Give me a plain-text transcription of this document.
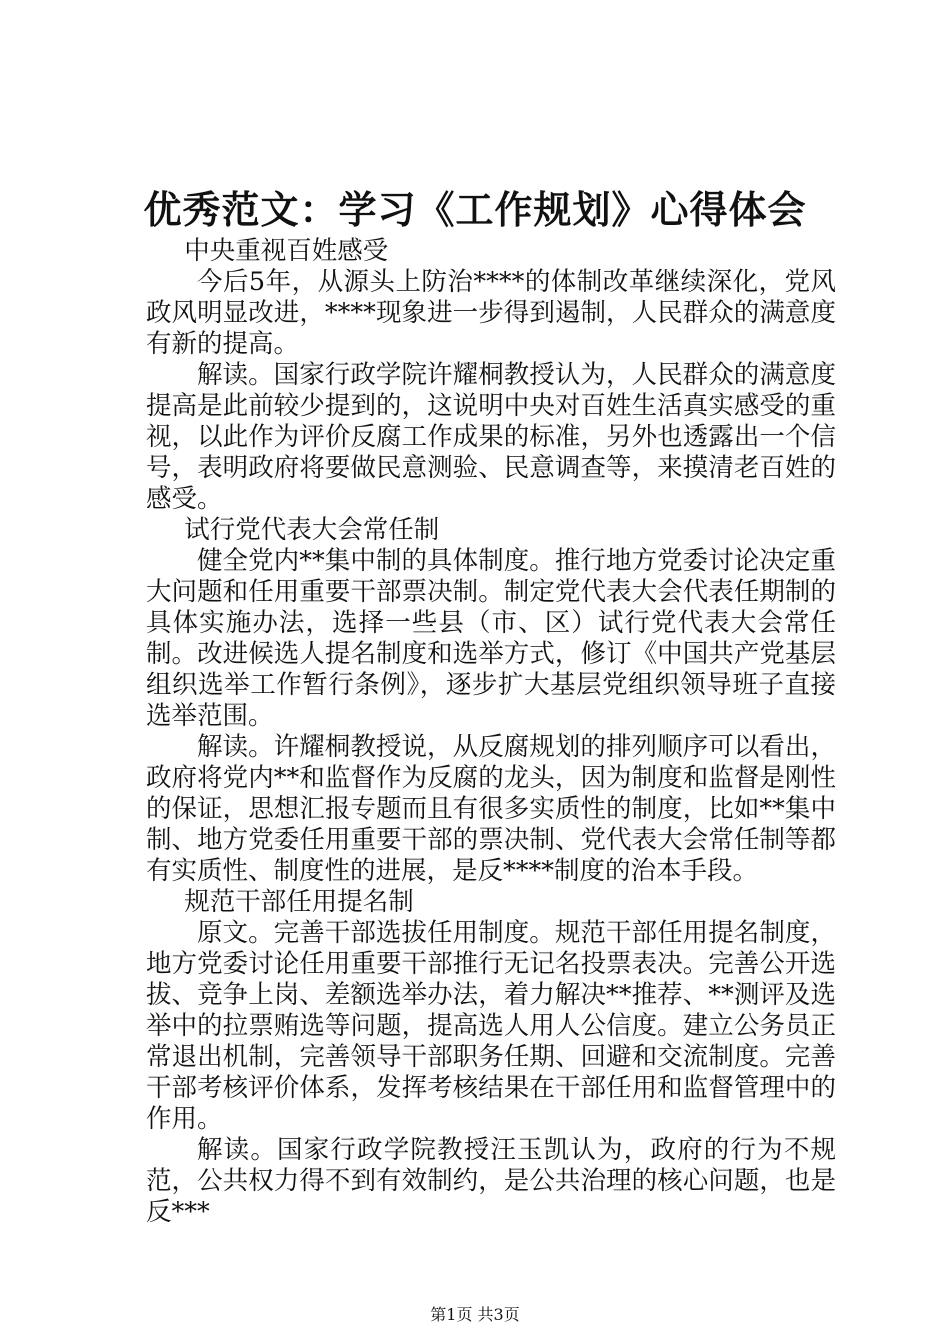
优秀范文：学习《工作规划》心得体会

中央重视百姓感受

今后5年，从源头上防治****的体制改革继续深化，党风政风明显改进，****现象进一步得到遏制，人民群众的满意度有新的提高。

解读。国家行政学院许耀桐教授认为，人民群众的满意度提高是此前较少提到的，这说明中央对百姓生活真实感受的重视，以此作为评价反腐工作成果的标准，另外也透露出一个信号，表明政府将要做民意测验、民意调查等，来摸清老百姓的感受。

试行党代表大会常任制

健全党内**集中制的具体制度。推行地方党委讨论决定重大问题和任用重要干部票决制。制定党代表大会代表任期制的具体实施办法，选择一些县（市、区）试行党代表大会常任制。改进候选人提名制度和选举方式，修订《中国共产党基层组织选举工作暂行条例》，逐步扩大基层党组织领导班子直接选举范围。

解读。许耀桐教授说，从反腐规划的排列顺序可以看出，政府将党内**和监督作为反腐的龙头，因为制度和监督是刚性的保证，思想汇报专题而且有很多实质性的制度，比如**集中制、地方党委任用重要干部的票决制、党代表大会常任制等都有实质性、制度性的进展，是反****制度的治本手段。

规范干部任用提名制

原文。完善干部选拔任用制度。规范干部任用提名制度，地方党委讨论任用重要干部推行无记名投票表决。完善公开选拔、竞争上岗、差额选举办法，着力解决**推荐、**测评及选举中的拉票贿选等问题，提高选人用人公信度。建立公务员正常退出机制，完善领导干部职务任期、回避和交流制度。完善干部考核评价体系，发挥考核结果在干部任用和监督管理中的作用。

解读。国家行政学院教授汪玉凯认为，政府的行为不规范，公共权力得不到有效制约，是公共治理的核心问题，也是反***

第1页 共3页
